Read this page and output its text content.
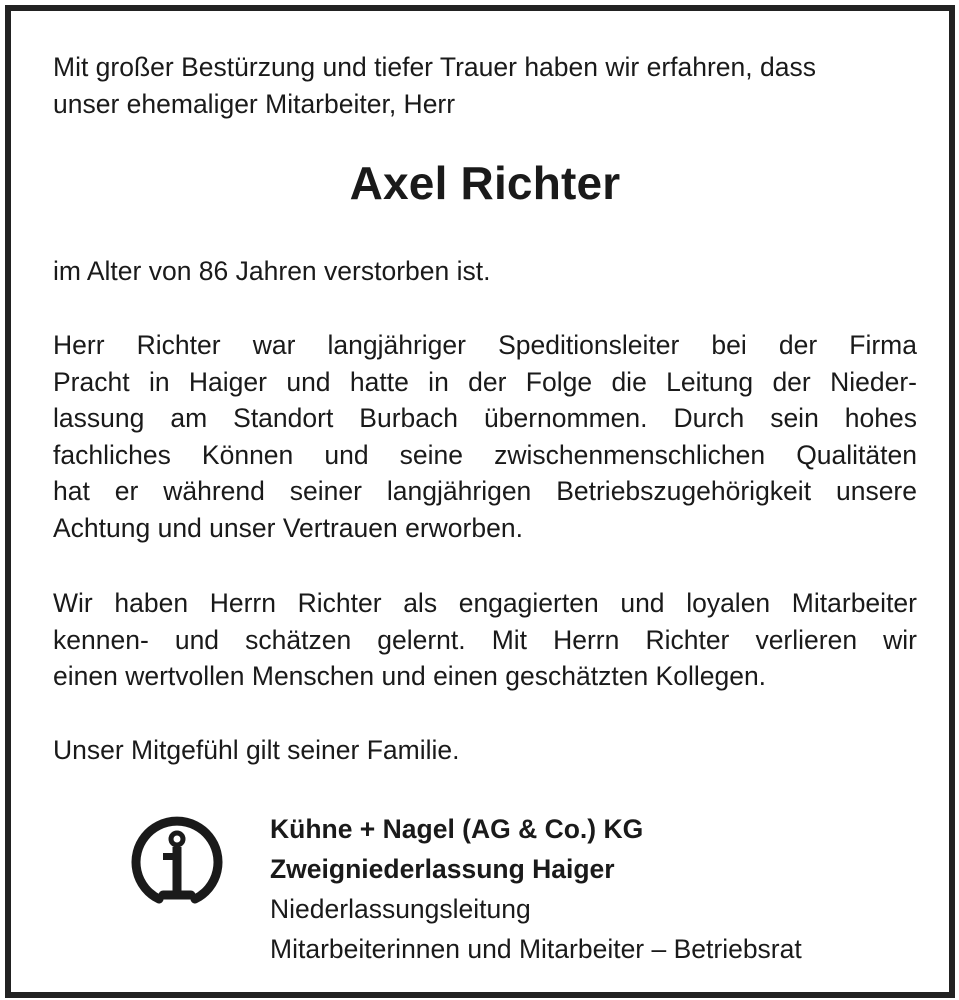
Mit großer Bestürzung und tiefer Trauer haben wir erfahren, dass

unser ehemaliger Mitarbeiter, Herr

Axel Richter

im Alter von 86 Jahren verstorben ist.

Herr Richter war langjähriger Speditionsleiter bei der Firma
Pracht in Haiger und hatte in der Folge die Leitung der Nieder-
lassung am Standort Burbach übernommen. Durch sein hohes
fachliches Können und seine zwischenmenschlichen Qualitäten
hat er während seiner langjährigen Betriebszugehörigkeit unsere
Achtung und unser Vertrauen erworben.
Wir haben Herrn Richter als engagierten und loyalen Mitarbeiter
kennen- und schätzen gelernt. Mit Herrn Richter verlieren wir
einen wertvollen Menschen und einen geschätzten Kollegen.

Unser Mitgefühl gilt seiner Familie.

Kühne + Nagel (AG & Co.) KG

Zweigniederlassung Haiger

Niederlassungsleitung

Mitarbeiterinnen und Mitarbeiter – Betriebsrat
